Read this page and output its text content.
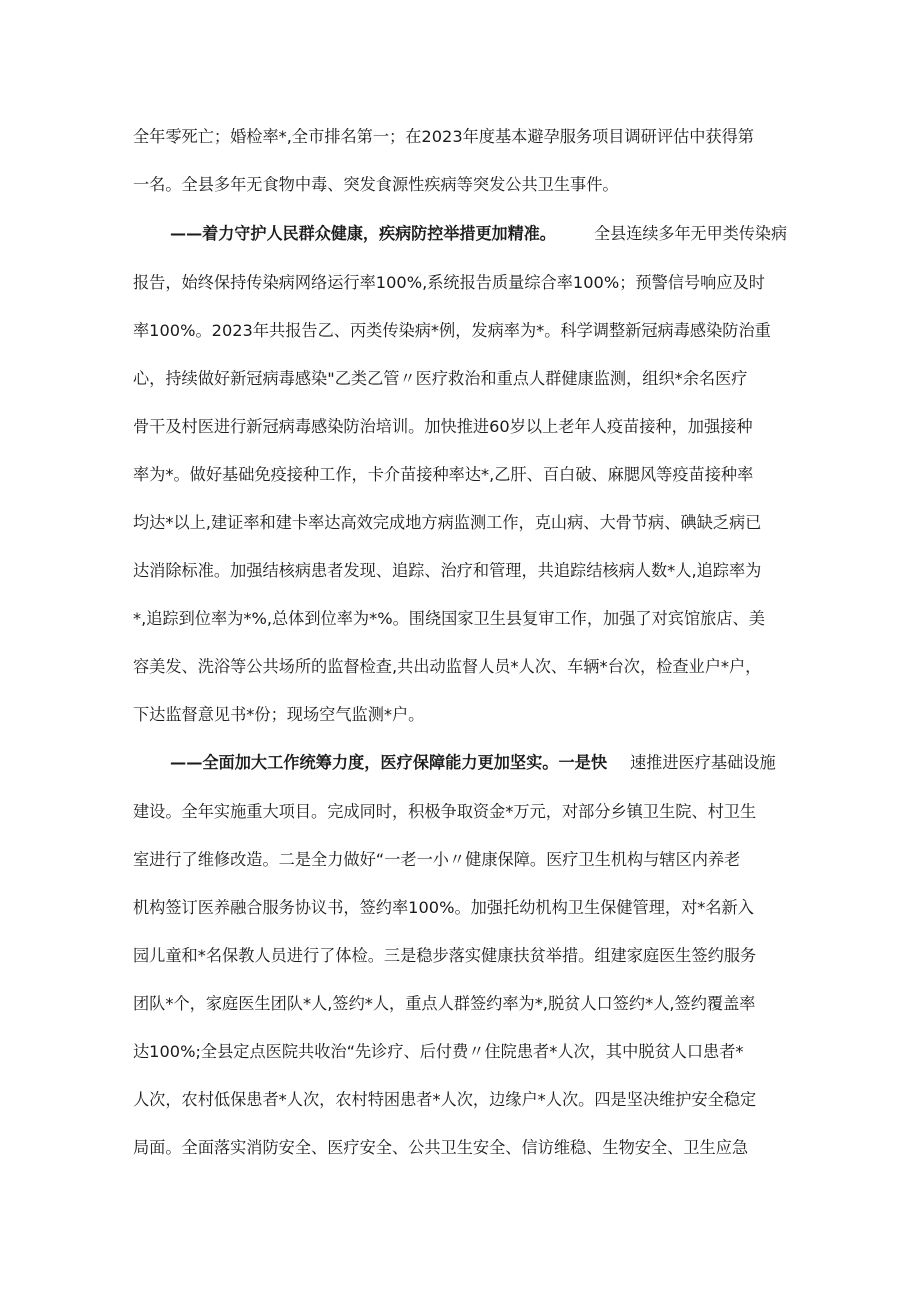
全年零死亡；婚检率*,全市排名第一；在2023年度基本避孕服务项目调研评估中获得第
一名。全县多年无食物中毒、突发食源性疾病等突发公共卫生事件。
——着力守护人民群众健康，疾病防控举措更加精准。 全县连续多年无甲类传染病
报告，始终保持传染病网络运行率100%,系统报告质量综合率100%；预警信号响应及时
率100%。2023年共报告乙、丙类传染病*例，发病率为*。科学调整新冠病毒感染防治重
心，持续做好新冠病毒感染"乙类乙管〃医疗救治和重点人群健康监测，组织*余名医疗
骨干及村医进行新冠病毒感染防治培训。加快推进60岁以上老年人疫苗接种，加强接种
率为*。做好基础免疫接种工作，卡介苗接种率达*,乙肝、百白破、麻腮风等疫苗接种率
均达*以上,建证率和建卡率达高效完成地方病监测工作，克山病、大骨节病、碘缺乏病已
达消除标准。加强结核病患者发现、追踪、治疗和管理，共追踪结核病人数*人,追踪率为
*,追踪到位率为*%,总体到位率为*%。围绕国家卫生县复审工作，加强了对宾馆旅店、美
容美发、洗浴等公共场所的监督检查,共出动监督人员*人次、车辆*台次，检查业户*户，
下达监督意见书*份；现场空气监测*户。
——全面加大工作统筹力度，医疗保障能力更加坚实。一是快 速推进医疗基础设施
建设。全年实施重大项目。完成同时，积极争取资金*万元，对部分乡镇卫生院、村卫生
室进行了维修改造。二是全力做好“一老一小〃健康保障。医疗卫生机构与辖区内养老
机构签订医养融合服务协议书，签约率100%。加强托幼机构卫生保健管理，对*名新入
园儿童和*名保教人员进行了体检。三是稳步落实健康扶贫举措。组建家庭医生签约服务
团队*个，家庭医生团队*人,签约*人，重点人群签约率为*,脱贫人口签约*人,签约覆盖率
达100%;全县定点医院共收治“先诊疗、后付费〃住院患者*人次，其中脱贫人口患者*
人次，农村低保患者*人次，农村特困患者*人次，边缘户*人次。四是坚决维护安全稳定
局面。全面落实消防安全、医疗安全、公共卫生安全、信访维稳、生物安全、卫生应急
